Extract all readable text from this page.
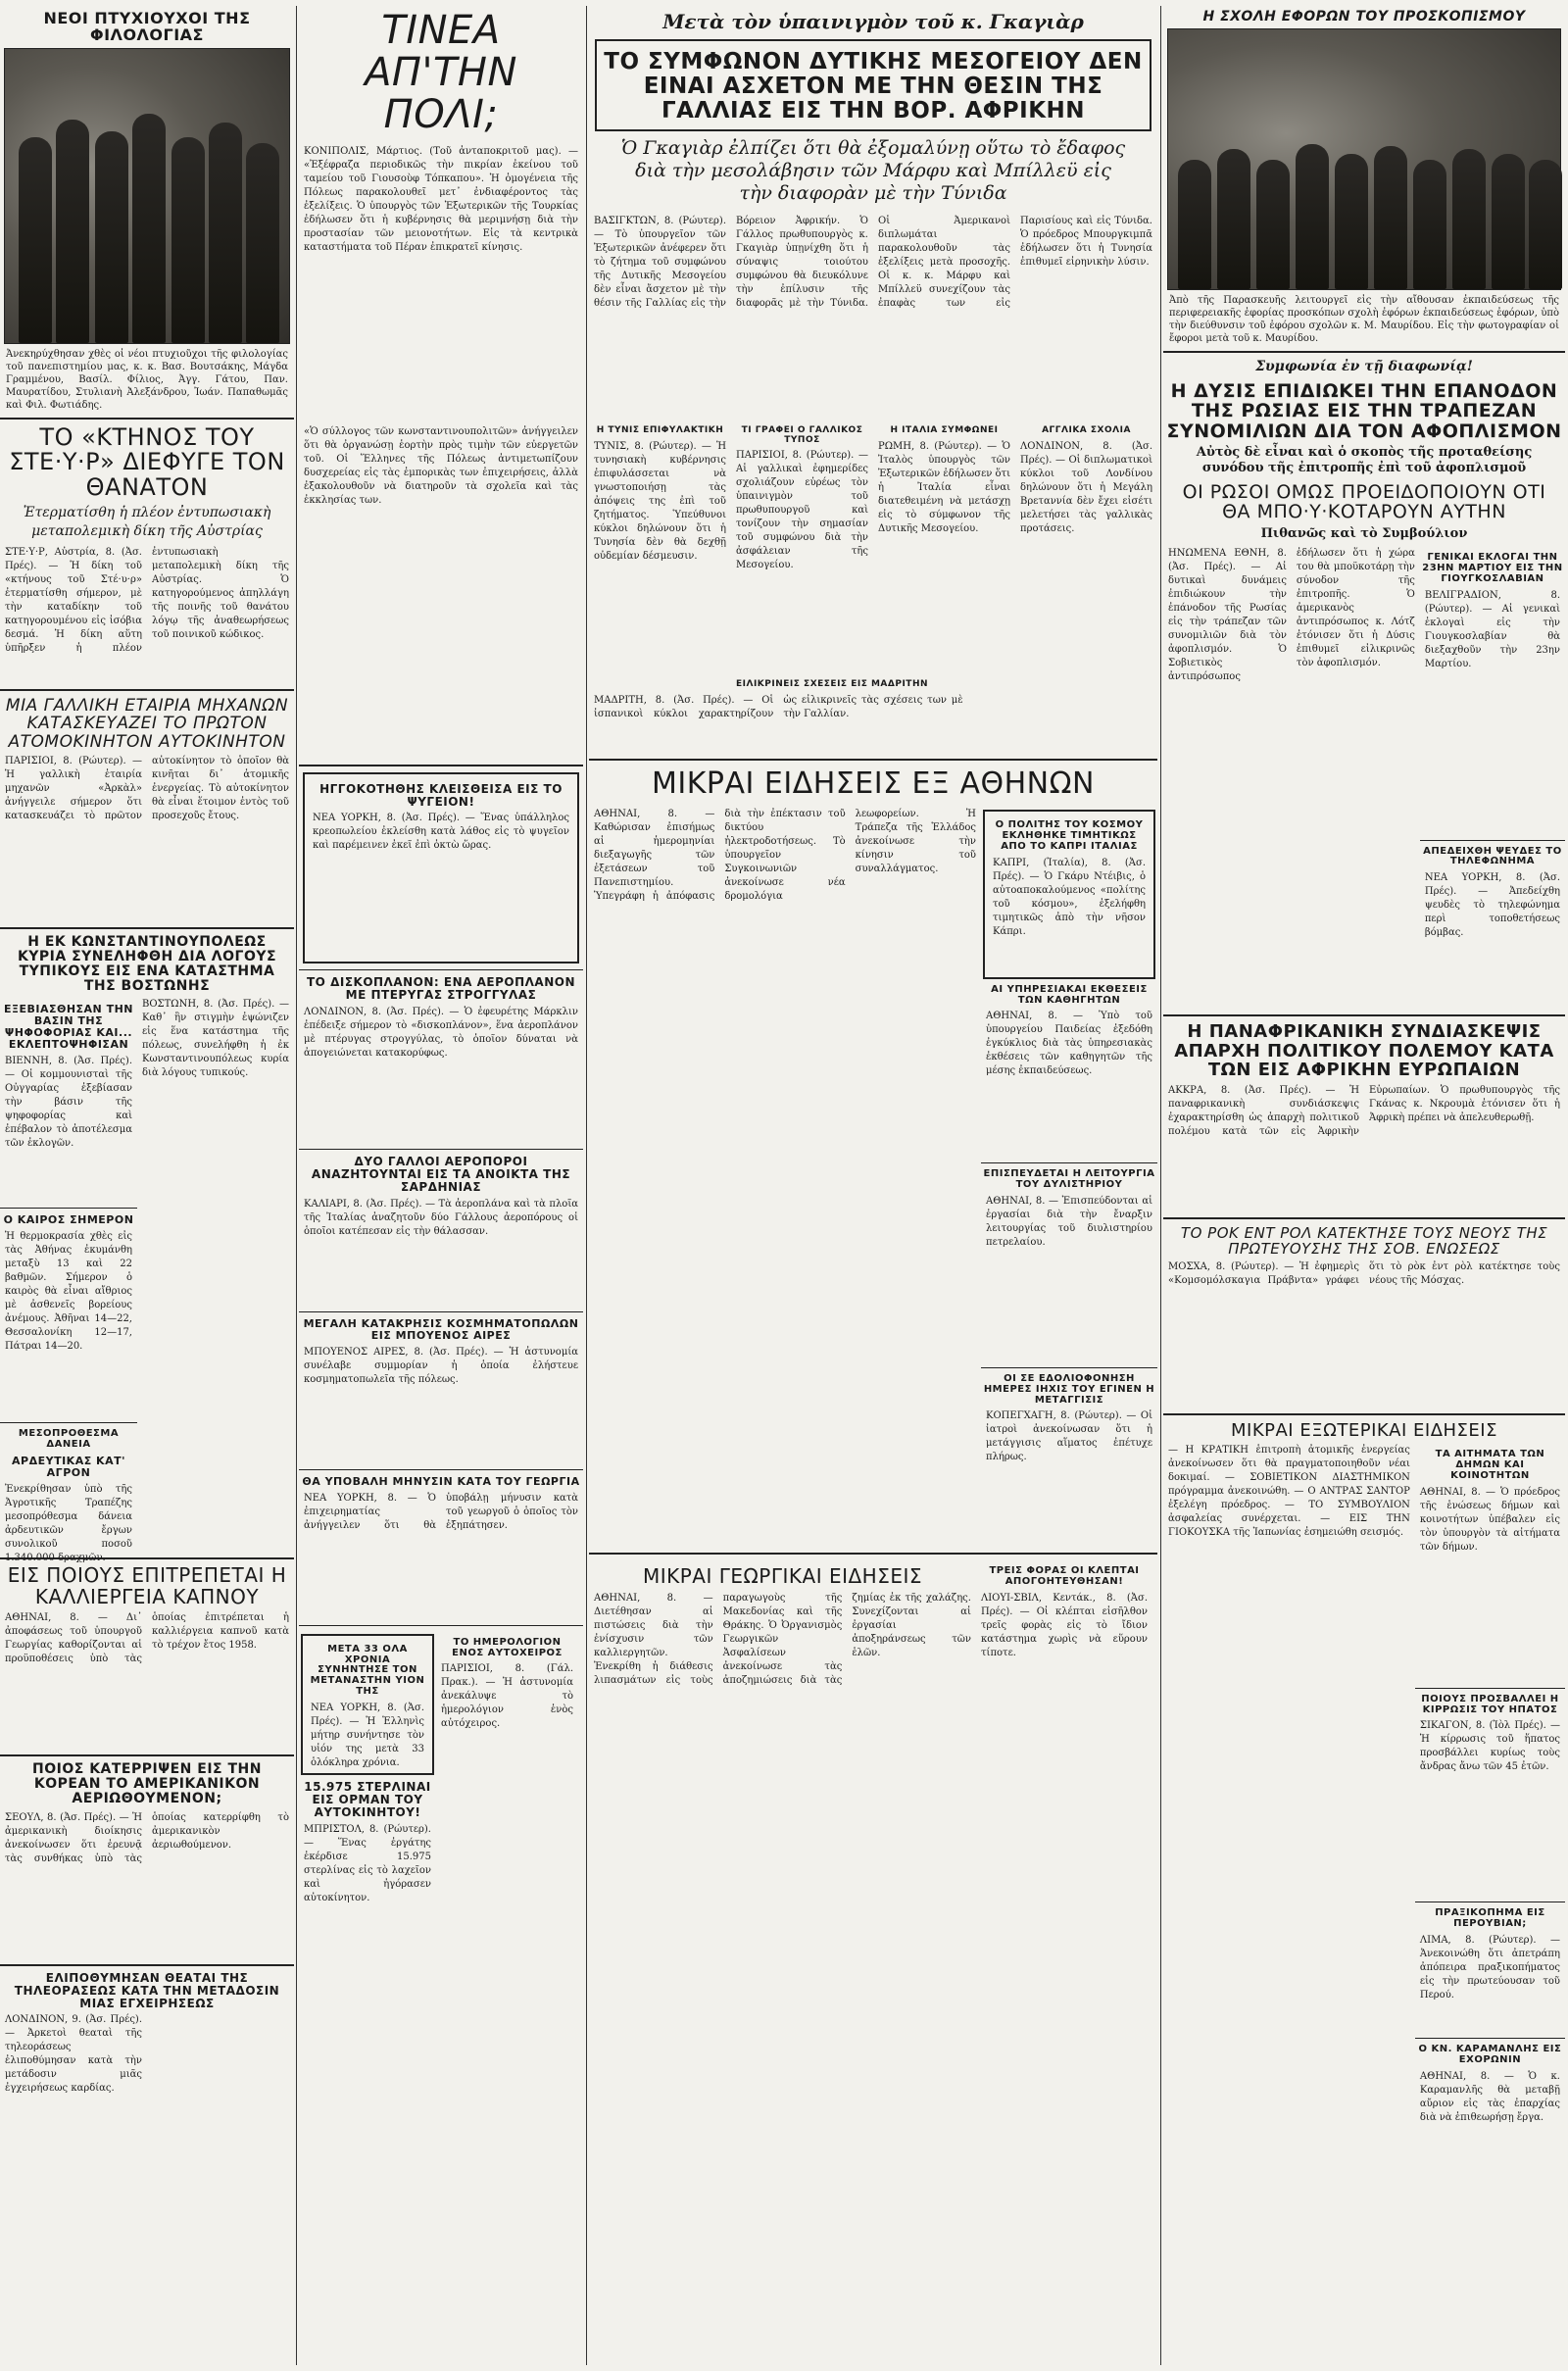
ΝΕΟΙ ΠΤΥΧΙΟΥΧΟΙ ΤΗΣ ΦΙΛΟΛΟΓΙΑΣ
Ἀνεκηρύχθησαν χθὲς οἱ νέοι πτυχιοῦχοι τῆς φιλολογίας τοῦ πανεπιστημίου μας, κ. κ. Βασ. Βουτσάκης, Μάγδα Γραμμένου, Βασίλ. Φίλιος, Ἀγγ. Γάτου, Παν. Μαυρατίδου, Στυλιανὴ Ἀλεξάνδρου, Ἰωάν. Παπαθωμᾶς καὶ Φιλ. Φωτιάδης.
ΤΟ «ΚΤΗΝΟΣ ΤΟΥ ΣΤΕ·Υ·Ρ» ΔΙΕΦΥΓΕ ΤΟΝ ΘΑΝΑΤΟΝ
Ἐτερματίσθη ἡ πλέον ἐντυπωσιακὴ
μεταπολεμικὴ δίκη τῆς Αὐστρίας
ΣΤΕ·Υ·Ρ, Αὐστρία, 8. (Ἀσ. Πρές). — Ἡ δίκη τοῦ «κτήνους τοῦ Στέ·υ·ρ» ἐτερματίσθη σήμερον, μὲ τὴν καταδίκην τοῦ κατηγορουμένου εἰς ἰσόβια δεσμά. Ἡ δίκη αὕτη ὑπῆρξεν ἡ πλέον ἐντυπωσιακὴ μεταπολεμικὴ δίκη τῆς Αὐστρίας. Ὁ κατηγορούμενος ἀπηλλάγη τῆς ποινῆς τοῦ θανάτου λόγῳ τῆς ἀναθεωρήσεως τοῦ ποινικοῦ κώδικος.
ΜΙΑ ΓΑΛΛΙΚΗ ΕΤΑΙΡΙΑ ΜΗΧΑΝΩΝ ΚΑΤΑΣΚΕΥΑΖΕΙ ΤΟ ΠΡΩΤΟΝ ΑΤΟΜΟΚΙΝΗΤΟΝ ΑΥΤΟΚΙΝΗΤΟΝ
ΠΑΡΙΣΙΟΙ, 8. (Ρώυτερ). — Ἡ γαλλικὴ ἑταιρία μηχανῶν «Ἀρκὰλ» ἀνήγγειλε σήμερον ὅτι κατασκευάζει τὸ πρῶτον αὐτοκίνητον τὸ ὁποῖον θὰ κινῆται δι᾽ ἀτομικῆς ἐνεργείας. Τὸ αὐτοκίνητον θὰ εἶναι ἕτοιμον ἐντὸς τοῦ προσεχοῦς ἔτους.
Η ΕΚ ΚΩΝΣΤΑΝΤΙΝΟΥΠΟΛΕΩΣ ΚΥΡΙΑ ΣΥΝΕΛΗΦΘΗ ΔΙΑ ΛΟΓΟΥΣ ΤΥΠΙΚΟΥΣ ΕΙΣ ΕΝΑ ΚΑΤΑΣΤΗΜΑ ΤΗΣ ΒΟΣΤΩΝΗΣ
ΕΞΕΒΙΑΣΘΗΣΑΝ ΤΗΝ ΒΑΣΙΝ ΤΗΣ ΨΗΦΟΦΟΡΙΑΣ ΚΑΙ... ΕΚΛΕΠΤΟΨΗΦΙΣΑΝ
ΒΙΕΝΝΗ, 8. (Ἀσ. Πρές). — Οἱ κομμουνισταὶ τῆς Οὐγγαρίας ἐξεβίασαν τὴν βάσιν τῆς ψηφοφορίας καὶ ἐπέβαλον τὸ ἀποτέλεσμα τῶν ἐκλογῶν.
Ο ΚΑΙΡΟΣ ΣΗΜΕΡΟΝ
Ἡ θερμοκρασία χθὲς εἰς τὰς Ἀθήνας ἐκυμάνθη μεταξὺ 13 καὶ 22 βαθμῶν. Σήμερον ὁ καιρὸς θὰ εἶναι αἴθριος μὲ ἀσθενεῖς βορείους ἀνέμους. Ἀθῆναι 14—22, Θεσσαλονίκη 12—17, Πάτραι 14—20.
ΜΕΣΟΠΡΟΘΕΣΜΑ ΔΑΝΕΙΑ
ΑΡΔΕΥΤΙΚΑΣ ΚΑΤ' ΑΓΡΟΝ
Ἐνεκρίθησαν ὑπὸ τῆς Ἀγροτικῆς Τραπέζης μεσοπρόθεσμα δάνεια ἀρδευτικῶν ἔργων συνολικοῦ ποσοῦ 1.340.000 δραχμῶν.
ΒΟΣΤΩΝΗ, 8. (Ἀσ. Πρές). — Καθ᾽ ἣν στιγμὴν ἐψώνιζεν εἰς ἕνα κατάστημα τῆς πόλεως, συνελήφθη ἡ ἐκ Κωνσταντινουπόλεως κυρία διὰ λόγους τυπικούς.
ΕΙΣ ΠΟΙΟΥΣ ΕΠΙΤΡΕΠΕΤΑΙ Η ΚΑΛΛΙΕΡΓΕΙΑ ΚΑΠΝΟΥ
ΑΘΗΝΑΙ, 8. — Δι᾽ ἀποφάσεως τοῦ ὑπουργοῦ Γεωργίας καθορίζονται αἱ προϋποθέσεις ὑπὸ τὰς ὁποίας ἐπιτρέπεται ἡ καλλιέργεια καπνοῦ κατὰ τὸ τρέχον ἔτος 1958.
ΠΟΙΟΣ ΚΑΤΕΡΡΙΨΕΝ ΕΙΣ ΤΗΝ ΚΟΡΕΑΝ ΤΟ ΑΜΕΡΙΚΑΝΙΚΟΝ ΑΕΡΙΩΘΟΥΜΕΝΟΝ;
ΣΕΟΥΛ, 8. (Ἀσ. Πρές). — Ἡ ἀμερικανικὴ διοίκησις ἀνεκοίνωσεν ὅτι ἐρευνᾷ τὰς συνθήκας ὑπὸ τὰς ὁποίας κατερρίφθη τὸ ἀμερικανικὸν ἀεριωθούμενον.
ΕΛΙΠΟΘΥΜΗΣΑΝ ΘΕΑΤΑΙ ΤΗΣ ΤΗΛΕΟΡΑΣΕΩΣ ΚΑΤΑ ΤΗΝ ΜΕΤΑΔΟΣΙΝ ΜΙΑΣ ΕΓΧΕΙΡΗΣΕΩΣ
ΛΟΝΔΙΝΟΝ, 9. (Ἀσ. Πρές). — Ἀρκετοὶ θεαταὶ τῆς τηλεοράσεως ἐλιποθύμησαν κατὰ τὴν μετάδοσιν μιᾶς ἐγχειρήσεως καρδίας.
ΤΙΝΕΑ ΑΠ'ΤΗΝ ΠΟΛΙ;
ΚΟΝΙΠΟΛΙΣ, Μάρτιος. (Τοῦ ἀνταποκριτοῦ μας). — «Ἐξέφραζα περιοδικῶς τὴν πικρίαν ἐκείνου τοῦ ταμείου τοῦ Γιουσοὺφ Τόπκαπου». Ἡ ὁμογένεια τῆς Πόλεως παρακολουθεῖ μετ᾽ ἐνδιαφέροντος τὰς ἐξελίξεις. Ὁ ὑπουργὸς τῶν Ἐξωτερικῶν τῆς Τουρκίας ἐδήλωσεν ὅτι ἡ κυβέρνησις θὰ μεριμνήσῃ διὰ τὴν προστασίαν τῶν μειονοτήτων. Εἰς τὰ κεντρικὰ καταστήματα τοῦ Πέραν ἐπικρατεῖ κίνησις.
«Ὁ σύλλογος τῶν κωνσταντινουπολιτῶν» ἀνήγγειλεν ὅτι θὰ ὀργανώσῃ ἑορτὴν πρὸς τιμὴν τῶν εὐεργετῶν τοῦ. Οἱ Ἕλληνες τῆς Πόλεως ἀντιμετωπίζουν δυσχερείας εἰς τὰς ἐμπορικὰς των ἐπιχειρήσεις, ἀλλὰ ἐξακολουθοῦν νὰ διατηροῦν τὰ σχολεῖα καὶ τὰς ἐκκλησίας των.
ΗΓΓΟΚΟΤΗΘΗΣ ΚΛΕΙΣΘΕΙΣΑ ΕΙΣ ΤΟ ΨΥΓΕΙΟΝ!
ΝΕΑ ΥΟΡΚΗ, 8. (Ἀσ. Πρές). — Ἕνας ὑπάλληλος κρεοπωλείου ἐκλείσθη κατὰ λάθος εἰς τὸ ψυγεῖον καὶ παρέμεινεν ἐκεῖ ἐπὶ ὀκτὼ ὥρας.
ΤΟ ΔΙΣΚΟΠΛΑΝΟΝ: ΕΝΑ ΑΕΡΟΠΛΑΝΟΝ ΜΕ ΠΤΕΡΥΓΑΣ ΣΤΡΟΓΓΥΛΑΣ
ΛΟΝΔΙΝΟΝ, 8. (Ἀσ. Πρές). — Ὁ ἐφευρέτης Μάρκλιν ἐπέδειξε σήμερον τὸ «δισκοπλάνον», ἕνα ἀεροπλάνον μὲ πτέρυγας στρογγύλας, τὸ ὁποῖον δύναται νὰ ἀπογειώνεται κατακορύφως.
ΔΥΟ ΓΑΛΛΟΙ ΑΕΡΟΠΟΡΟΙ ΑΝΑΖΗΤΟΥΝΤΑΙ ΕΙΣ ΤΑ ΑΝΟΙΚΤΑ ΤΗΣ ΣΑΡΔΗΝΙΑΣ
ΚΑΛΙΑΡΙ, 8. (Ἀσ. Πρές). — Τὰ ἀεροπλάνα καὶ τὰ πλοῖα τῆς Ἰταλίας ἀναζητοῦν δύο Γάλλους ἀεροπόρους οἱ ὁποῖοι κατέπεσαν εἰς τὴν θάλασσαν.
ΜΕΓΑΛΗ ΚΑΤΑΚΡΗΣΙΣ ΚΟΣΜΗΜΑΤΟΠΩΛΩΝ ΕΙΣ ΜΠΟΥΕΝΟΣ ΑΙΡΕΣ
ΜΠΟΥΕΝΟΣ ΑΙΡΕΣ, 8. (Ἀσ. Πρές). — Ἡ ἀστυνομία συνέλαβε συμμορίαν ἡ ὁποία ἐλήστευε κοσμηματοπωλεῖα τῆς πόλεως.
ΘΑ ΥΠΟΒΑΛΗ ΜΗΝΥΣΙΝ ΚΑΤΑ ΤΟΥ ΓΕΩΡΓΙΑ
ΝΕΑ ΥΟΡΚΗ, 8. — Ὁ ἐπιχειρηματίας ἀνήγγειλεν ὅτι θὰ ὑποβάλῃ μήνυσιν κατὰ τοῦ γεωργοῦ ὁ ὁποῖος τὸν ἐξηπάτησεν.
ΜΕΤΑ 33 ΟΛΑ ΧΡΟΝΙΑ ΣΥΝΗΝΤΗΣΕ ΤΟΝ ΜΕΤΑΝΑΣΤΗΝ ΥΙΟΝ ΤΗΣ
ΝΕΑ ΥΟΡΚΗ, 8. (Ἀσ. Πρές). — Ἡ Ἑλληνὶς μήτηρ συνήντησε τὸν υἱόν της μετὰ 33 ὁλόκληρα χρόνια.
15.975 ΣΤΕΡΛΙΝΑΙ ΕΙΣ ΟΡΜΑΝ ΤΟΥ ΑΥΤΟΚΙΝΗΤΟΥ!
ΜΠΡΙΣΤΟΛ, 8. (Ρώυτερ). — Ἕνας ἐργάτης ἐκέρδισε 15.975 στερλίνας εἰς τὸ λαχεῖον καὶ ἠγόρασεν αὐτοκίνητον.
ΤΟ ΗΜΕΡΟΛΟΓΙΟΝ ΕΝΟΣ ΑΥΤΟΧΕΙΡΟΣ
ΠΑΡΙΣΙΟΙ, 8. (Γάλ. Πρακ.). — Ἡ ἀστυνομία ἀνεκάλυψε τὸ ἡμερολόγιον ἑνὸς αὐτόχειρος.
Μετὰ τὸν ὑπαινιγμὸν τοῦ κ. Γκαγιὰρ
ΤΟ ΣΥΜΦΩΝΟΝ ΔΥΤΙΚΗΣ ΜΕΣΟΓΕΙΟΥ ΔΕΝ ΕΙΝΑΙ ΑΣΧΕΤΟΝ ΜΕ ΤΗΝ ΘΕΣΙΝ ΤΗΣ ΓΑΛΛΙΑΣ ΕΙΣ ΤΗΝ ΒΟΡ. ΑΦΡΙΚΗΝ
Ὁ Γκαγιὰρ ἐλπίζει ὅτι θὰ ἐξομαλύνῃ οὕτω τὸ ἔδαφος διὰ τὴν μεσολάβησιν τῶν Μάρφυ καὶ Μπίλλεϋ εἰς τὴν διαφορὰν μὲ τὴν Τύνιδα
ΒΑΣΙΓΚΤΩΝ, 8. (Ρώυτερ). — Τὸ ὑπουργεῖον τῶν Ἐξωτερικῶν ἀνέφερεν ὅτι τὸ ζήτημα τοῦ συμφώνου τῆς Δυτικῆς Μεσογείου δὲν εἶναι ἄσχετον μὲ τὴν θέσιν τῆς Γαλλίας εἰς τὴν Βόρειον Ἀφρικήν. Ὁ Γάλλος πρωθυπουργὸς κ. Γκαγιὰρ ὑπῃνίχθη ὅτι ἡ σύναψις τοιούτου συμφώνου θὰ διευκόλυνε τὴν ἐπίλυσιν τῆς διαφορᾶς μὲ τὴν Τύνιδα. Οἱ Ἀμερικανοὶ διπλωμάται παρακολουθοῦν τὰς ἐξελίξεις μετὰ προσοχῆς. Οἱ κ. κ. Μάρφυ καὶ Μπίλλεϋ συνεχίζουν τὰς ἐπαφὰς των εἰς Παρισίους καὶ εἰς Τύνιδα. Ὁ πρόεδρος Μπουργκιμπᾶ ἐδήλωσεν ὅτι ἡ Τυνησία ἐπιθυμεῖ εἰρηνικὴν λύσιν.
Η ΤΥΝΙΣ ΕΠΙΦΥΛΑΚΤΙΚΗ
ΤΥΝΙΣ, 8. (Ρώυτερ). — Ἡ τυνησιακὴ κυβέρνησις ἐπιφυλάσσεται νὰ γνωστοποιήσῃ τὰς ἀπόψεις της ἐπὶ τοῦ ζητήματος. Ὑπεύθυνοι κύκλοι δηλώνουν ὅτι ἡ Τυνησία δὲν θὰ δεχθῇ οὐδεμίαν δέσμευσιν.
ΤΙ ΓΡΑΦΕΙ Ο ΓΑΛΛΙΚΟΣ ΤΥΠΟΣ
ΠΑΡΙΣΙΟΙ, 8. (Ρώυτερ). — Αἱ γαλλικαὶ ἐφημερίδες σχολιάζουν εὐρέως τὸν ὑπαινιγμὸν τοῦ πρωθυπουργοῦ καὶ τονίζουν τὴν σημασίαν τοῦ συμφώνου διὰ τὴν ἀσφάλειαν τῆς Μεσογείου.
Η ΙΤΑΛΙΑ ΣΥΜΦΩΝΕΙ
ΡΩΜΗ, 8. (Ρώυτερ). — Ὁ Ἰταλὸς ὑπουργὸς τῶν Ἐξωτερικῶν ἐδήλωσεν ὅτι ἡ Ἰταλία εἶναι διατεθειμένη νὰ μετάσχῃ εἰς τὸ σύμφωνον τῆς Δυτικῆς Μεσογείου.
ΑΓΓΛΙΚΑ ΣΧΟΛΙΑ
ΛΟΝΔΙΝΟΝ, 8. (Ἀσ. Πρές). — Οἱ διπλωματικοὶ κύκλοι τοῦ Λονδίνου δηλώνουν ὅτι ἡ Μεγάλη Βρεταννία δὲν ἔχει εἰσέτι μελετήσει τὰς γαλλικὰς προτάσεις.
ΕΙΛΙΚΡΙΝΕΙΣ ΣΧΕΣΕΙΣ ΕΙΣ ΜΑΔΡΙΤΗΝ
ΜΑΔΡΙΤΗ, 8. (Ἀσ. Πρές). — Οἱ ἱσπανικοὶ κύκλοι χαρακτηρίζουν ὡς εἰλικρινεῖς τὰς σχέσεις των μὲ τὴν Γαλλίαν.
ΜΙΚΡΑΙ ΕΙΔΗΣΕΙΣ ΕΞ ΑΘΗΝΩΝ
ΑΘΗΝΑΙ, 8. — Καθώρισαν ἐπισήμως αἱ ἡμερομηνίαι διεξαγωγῆς τῶν ἐξετάσεων τοῦ Πανεπιστημίου. Ὑπεγράφη ἡ ἀπόφασις διὰ τὴν ἐπέκτασιν τοῦ δικτύου ἠλεκτροδοτήσεως. Τὸ ὑπουργεῖον Συγκοινωνιῶν ἀνεκοίνωσε νέα δρομολόγια λεωφορείων. Ἡ Τράπεζα τῆς Ἑλλάδος ἀνεκοίνωσε τὴν κίνησιν τοῦ συναλλάγματος.
Ο ΠΟΛΙΤΗΣ ΤΟΥ ΚΟΣΜΟΥ ΕΚΛΗΘΗΚΕ ΤΙΜΗΤΙΚΩΣ ΑΠΟ ΤΟ ΚΑΠΡΙ ΙΤΑΛΙΑΣ
ΚΑΠΡΙ, (Ἰταλία), 8. (Ἀσ. Πρές). — Ὁ Γκάρυ Ντέιβις, ὁ αὐτοαποκαλούμενος «πολίτης τοῦ κόσμου», ἐξελήφθη τιμητικῶς ἀπὸ τὴν νῆσον Κάπρι.
ΑΙ ΥΠΗΡΕΣΙΑΚΑΙ ΕΚΘΕΣΕΙΣ ΤΩΝ ΚΑΘΗΓΗΤΩΝ
ΑΘΗΝΑΙ, 8. — Ὑπὸ τοῦ ὑπουργείου Παιδείας ἐξεδόθη ἐγκύκλιος διὰ τὰς ὑπηρεσιακὰς ἐκθέσεις τῶν καθηγητῶν τῆς μέσης ἐκπαιδεύσεως.
ΕΠΙΣΠΕΥΔΕΤΑΙ Η ΛΕΙΤΟΥΡΓΙΑ ΤΟΥ ΔΥΛΙΣΤΗΡΙΟΥ
ΑΘΗΝΑΙ, 8. — Ἐπισπεύδονται αἱ ἐργασίαι διὰ τὴν ἔναρξιν λειτουργίας τοῦ διυλιστηρίου πετρελαίου.
ΟΙ ΣΕ ΕΔΟΛΙΟΦΟΝΗΣΗ ΗΜΕΡΕΣ ΙΗΧΙΣ ΤΟΥ ΕΓΙΝΕΝ Η ΜΕΤΑΓΓΙΣΙΣ
ΚΟΠΕΓΧΑΓΗ, 8. (Ρώυτερ). — Οἱ ἰατροὶ ἀνεκοίνωσαν ὅτι ἡ μετάγγισις αἵματος ἐπέτυχε πλήρως.
ΜΙΚΡΑΙ ΓΕΩΡΓΙΚΑΙ ΕΙΔΗΣΕΙΣ
ΑΘΗΝΑΙ, 8. — Διετέθησαν αἱ πιστώσεις διὰ τὴν ἐνίσχυσιν τῶν καλλιεργητῶν. Ἐνεκρίθη ἡ διάθεσις λιπασμάτων εἰς τοὺς παραγωγοὺς τῆς Μακεδονίας καὶ τῆς Θράκης. Ὁ Ὀργανισμὸς Γεωργικῶν Ἀσφαλίσεων ἀνεκοίνωσε τὰς ἀποζημιώσεις διὰ τὰς ζημίας ἐκ τῆς χαλάζης. Συνεχίζονται αἱ ἐργασίαι ἀποξηράνσεως τῶν ἑλῶν.
ΤΡΕΙΣ ΦΟΡΑΣ ΟΙ ΚΛΕΠΤΑΙ ΑΠΟΓΟΗΤΕΥΘΗΣΑΝ!
ΛΙΟΥΙ-ΣΒΙΛ, Κεντάκ., 8. (Ἀσ. Πρές). — Οἱ κλέπται εἰσῆλθον τρεῖς φορὰς εἰς τὸ ἴδιον κατάστημα χωρὶς νὰ εὕρουν τίποτε.
Η ΣΧΟΛΗ ΕΦΟΡΩΝ ΤΟΥ ΠΡΟΣΚΟΠΙΣΜΟΥ
Ἀπὸ τῆς Παρασκευῆς λειτουργεῖ εἰς τὴν αἴθουσαν ἐκπαιδεύσεως τῆς περιφερειακῆς ἐφορίας προσκόπων σχολὴ ἐφόρων ἐκπαιδεύσεως ἐφόρων, ὑπὸ τὴν διεύθυνσιν τοῦ ἐφόρου σχολῶν κ. Μ. Μαυρίδου. Εἰς τὴν φωτογραφίαν οἱ ἔφοροι μετὰ τοῦ κ. Μαυρίδου.
Συμφωνία ἐν τῇ διαφωνίᾳ!
Η ΔΥΣΙΣ ΕΠΙΔΙΩΚΕΙ ΤΗΝ ΕΠΑΝΟΔΟΝ ΤΗΣ ΡΩΣΙΑΣ ΕΙΣ ΤΗΝ ΤΡΑΠΕΖΑΝ ΣΥΝΟΜΙΛΙΩΝ ΔΙΑ ΤΟΝ ΑΦΟΠΛΙΣΜΟΝ
Αὐτὸς δὲ εἶναι καὶ ὁ σκοπὸς τῆς προταθείσης συνόδου τῆς ἐπιτροπῆς ἐπὶ τοῦ ἀφοπλισμοῦ
ΟΙ ΡΩΣΟΙ ΟΜΩΣ ΠΡΟΕΙΔΟΠΟΙΟΥΝ ΟΤΙ ΘΑ ΜΠΟ·Υ·ΚΟΤΑΡΟΥΝ ΑΥΤΗΝ
Πιθανῶς καὶ τὸ Συμβούλιον
ΗΝΩΜΕΝΑ ΕΘΝΗ, 8. (Ἀσ. Πρές). — Αἱ δυτικαὶ δυνάμεις ἐπιδιώκουν τὴν ἐπάνοδον τῆς Ρωσίας εἰς τὴν τράπεζαν τῶν συνομιλιῶν διὰ τὸν ἀφοπλισμόν. Ὁ Σοβιετικὸς ἀντιπρόσωπος ἐδήλωσεν ὅτι ἡ χώρα του θὰ μποϋκοτάρῃ τὴν σύνοδον τῆς ἐπιτροπῆς. Ὁ ἀμερικανὸς ἀντιπρόσωπος κ. Λότζ ἐτόνισεν ὅτι ἡ Δύσις ἐπιθυμεῖ εἰλικρινῶς τὸν ἀφοπλισμόν.
ΓΕΝΙΚΑΙ ΕΚΛΟΓΑΙ ΤΗΝ 23ΗΝ ΜΑΡΤΙΟΥ ΕΙΣ ΤΗΝ ΓΙΟΥΓΚΟΣΛΑΒΙΑΝ
ΒΕΛΙΓΡΑΔΙΟΝ, 8. (Ρώυτερ). — Αἱ γενικαὶ ἐκλογαὶ εἰς τὴν Γιουγκοσλαβίαν θὰ διεξαχθοῦν τὴν 23ην Μαρτίου.
ΑΠΕΔΕΙΧΘΗ ΨΕΥΔΕΣ ΤΟ ΤΗΛΕΦΩΝΗΜΑ
ΝΕΑ ΥΟΡΚΗ, 8. (Ἀσ. Πρές). — Ἀπεδείχθη ψευδὲς τὸ τηλεφώνημα περὶ τοποθετήσεως βόμβας.
Η ΠΑΝΑΦΡΙΚΑΝΙΚΗ ΣΥΝΔΙΑΣΚΕΨΙΣ ΑΠΑΡΧΗ ΠΟΛΙΤΙΚΟΥ ΠΟΛΕΜΟΥ ΚΑΤΑ ΤΩΝ ΕΙΣ ΑΦΡΙΚΗΝ ΕΥΡΩΠΑΙΩΝ
ΑΚΚΡΑ, 8. (Ἀσ. Πρές). — Ἡ παναφρικανικὴ συνδιάσκεψις ἐχαρακτηρίσθη ὡς ἀπαρχὴ πολιτικοῦ πολέμου κατὰ τῶν εἰς Ἀφρικὴν Εὐρωπαίων. Ὁ πρωθυπουργὸς τῆς Γκάνας κ. Νκρουμὰ ἐτόνισεν ὅτι ἡ Ἀφρικὴ πρέπει νὰ ἀπελευθερωθῇ.
ΤΟ ΡΟΚ ΕΝΤ ΡΟΛ ΚΑΤΕΚΤΗΣΕ ΤΟΥΣ ΝΕΟΥΣ ΤΗΣ ΠΡΩΤΕΥΟΥΣΗΣ ΤΗΣ ΣΟΒ. ΕΝΩΣΕΩΣ
ΜΟΣΧΑ, 8. (Ρώυτερ). — Ἡ ἐφημερὶς «Κομσομόλσκαγια Πράβντα» γράφει ὅτι τὸ ρὸκ ἐντ ρὸλ κατέκτησε τοὺς νέους τῆς Μόσχας.
ΜΙΚΡΑΙ ΕΞΩΤΕΡΙΚΑΙ ΕΙΔΗΣΕΙΣ
— Η ΚΡΑΤΙΚΗ ἑπιτροπὴ ἀτομικῆς ἐνεργείας ἀνεκοίνωσεν ὅτι θὰ πραγματοποιηθοῦν νέαι δοκιμαί. — ΣΟΒΙΕΤΙΚΟΝ ΔΙΑΣΤΗΜΙΚΟΝ πρόγραμμα ἀνεκοινώθη. — Ο ΑΝΤΡΑΣ ΣΑΝΤΟΡ ἐξελέγη πρόεδρος. — ΤΟ ΣΥΜΒΟΥΛΙΟΝ ἀσφαλείας συνέρχεται. — ΕΙΣ ΤΗΝ ΓΙΟΚΟΥΣΚΑ τῆς Ἰαπωνίας ἐσημειώθη σεισμός.
ΤΑ ΑΙΤΗΜΑΤΑ ΤΩΝ ΔΗΜΩΝ ΚΑΙ ΚΟΙΝΟΤΗΤΩΝ
ΑΘΗΝΑΙ, 8. — Ὁ πρόεδρος τῆς ἑνώσεως δήμων καὶ κοινοτήτων ὑπέβαλεν εἰς τὸν ὑπουργὸν τὰ αἰτήματα τῶν δήμων.
ΠΟΙΟΥΣ ΠΡΟΣΒΑΛΛΕΙ Η ΚΙΡΡΩΣΙΣ ΤΟΥ ΗΠΑΤΟΣ
ΣΙΚΑΓΟΝ, 8. (Ἰὸλ Πρές). — Ἡ κίρρωσις τοῦ ἥπατος προσβάλλει κυρίως τοὺς ἄνδρας ἄνω τῶν 45 ἐτῶν.
ΠΡΑΞΙΚΟΠΗΜΑ ΕΙΣ ΠΕΡΟΥΒΙΑΝ;
ΛΙΜΑ, 8. (Ρώυτερ). — Ἀνεκοινώθη ὅτι ἀπετράπη ἀπόπειρα πραξικοπήματος εἰς τὴν πρωτεύουσαν τοῦ Περού.
Ο ΚΝ. ΚΑΡΑΜΑΝΛΗΣ ΕΙΣ ΕΧΟΡΩΝΙΝ
ΑΘΗΝΑΙ, 8. — Ὁ κ. Καραμανλῆς θὰ μεταβῇ αὔριον εἰς τὰς ἐπαρχίας διὰ νὰ ἐπιθεωρήσῃ ἔργα.
